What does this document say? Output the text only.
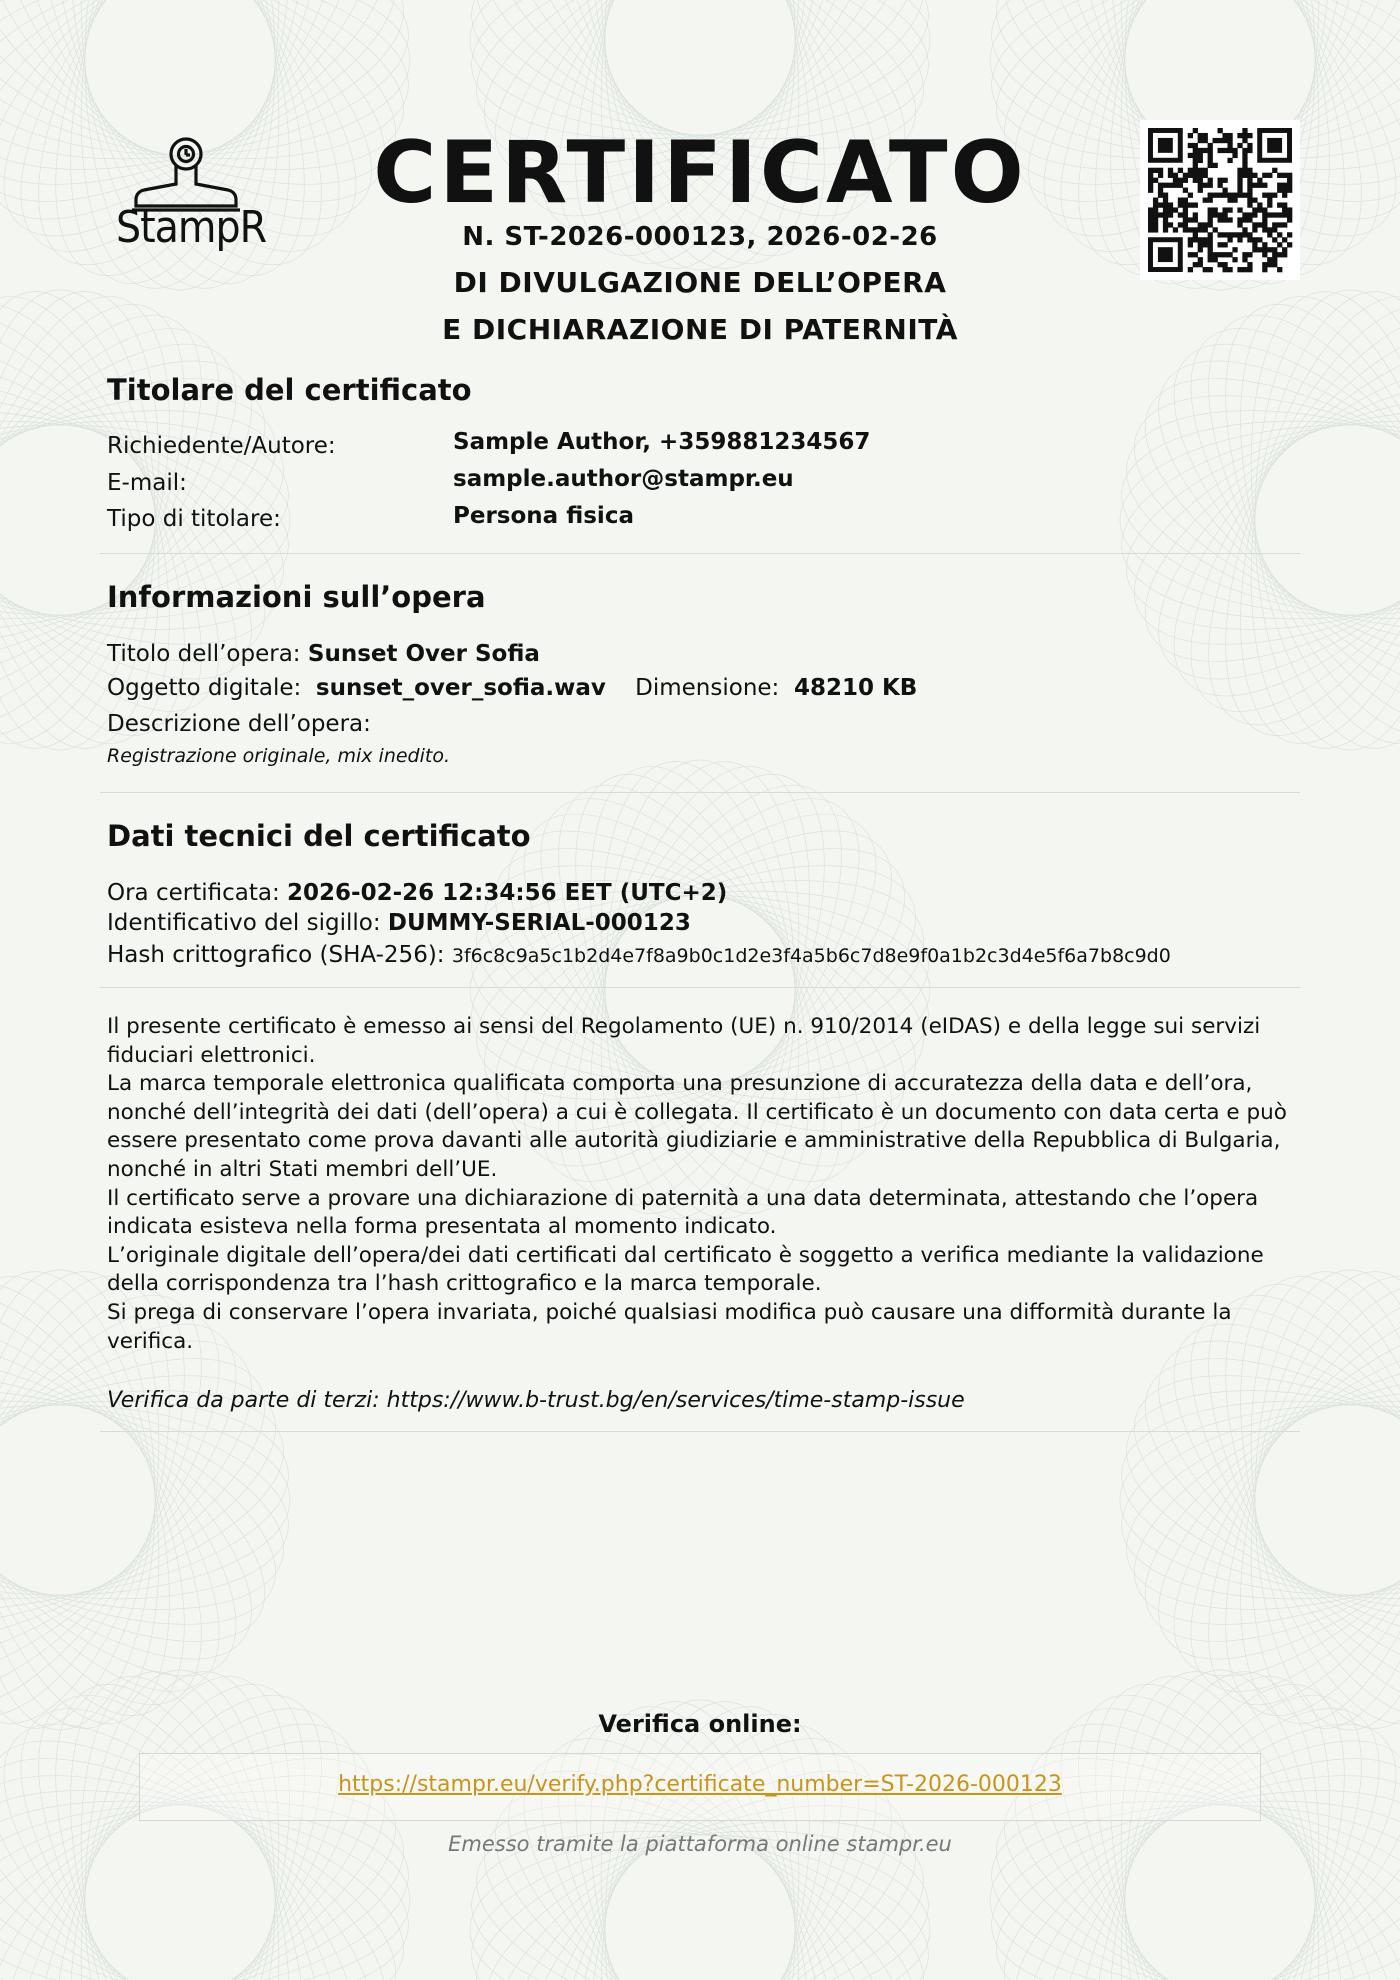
StampR
CERTIFICATO
N. ST-2026-000123, 2026-02-26
DI DIVULGAZIONE DELL’OPERA
E DICHIARAZIONE DI PATERNITÀ
Titolare del certificato
Richiedente/Autore:	Sample Author, +359881234567
E-mail:	sample.author@stampr.eu
Tipo di titolare:	Persona fisica
Informazioni sull’opera
Titolo dell’opera: Sunset Over Sofia
Oggetto digitale: sunset_over_sofia.wav Dimensione: 48210 KB
Descrizione dell’opera:
Registrazione originale, mix inedito.
Dati tecnici del certificato
Ora certificata: 2026-02-26 12:34:56 EET (UTC+2)
Identificativo del sigillo: DUMMY-SERIAL-000123
Hash crittografico (SHA-256): 3f6c8c9a5c1b2d4e7f8a9b0c1d2e3f4a5b6c7d8e9f0a1b2c3d4e5f6a7b8c9d0

Il presente certificato è emesso ai sensi del Regolamento (UE) n. 910/2014 (eIDAS) e della legge sui servizi fiduciari elettronici.

La marca temporale elettronica qualificata comporta una presunzione di accuratezza della data e dell’ora, nonché dell’integrità dei dati (dell’opera) a cui è collegata. Il certificato è un documento con data certa e può essere presentato come prova davanti alle autorità giudiziarie e amministrative della Repubblica di Bulgaria, nonché in altri Stati membri dell’UE.

Il certificato serve a provare una dichiarazione di paternità a una data determinata, attestando che l’opera indicata esisteva nella forma presentata al momento indicato.

L’originale digitale dell’opera/dei dati certificati dal certificato è soggetto a verifica mediante la validazione della corrispondenza tra l’hash crittografico e la marca temporale.

Si prega di conservare l’opera invariata, poiché qualsiasi modifica può causare una difformità durante la verifica.

Verifica da parte di terzi: https://www.b-trust.bg/en/services/time-stamp-issue
Verifica online:
https://stampr.eu/verify.php?certificate_number=ST-2026-000123
Emesso tramite la piattaforma online stampr.eu
